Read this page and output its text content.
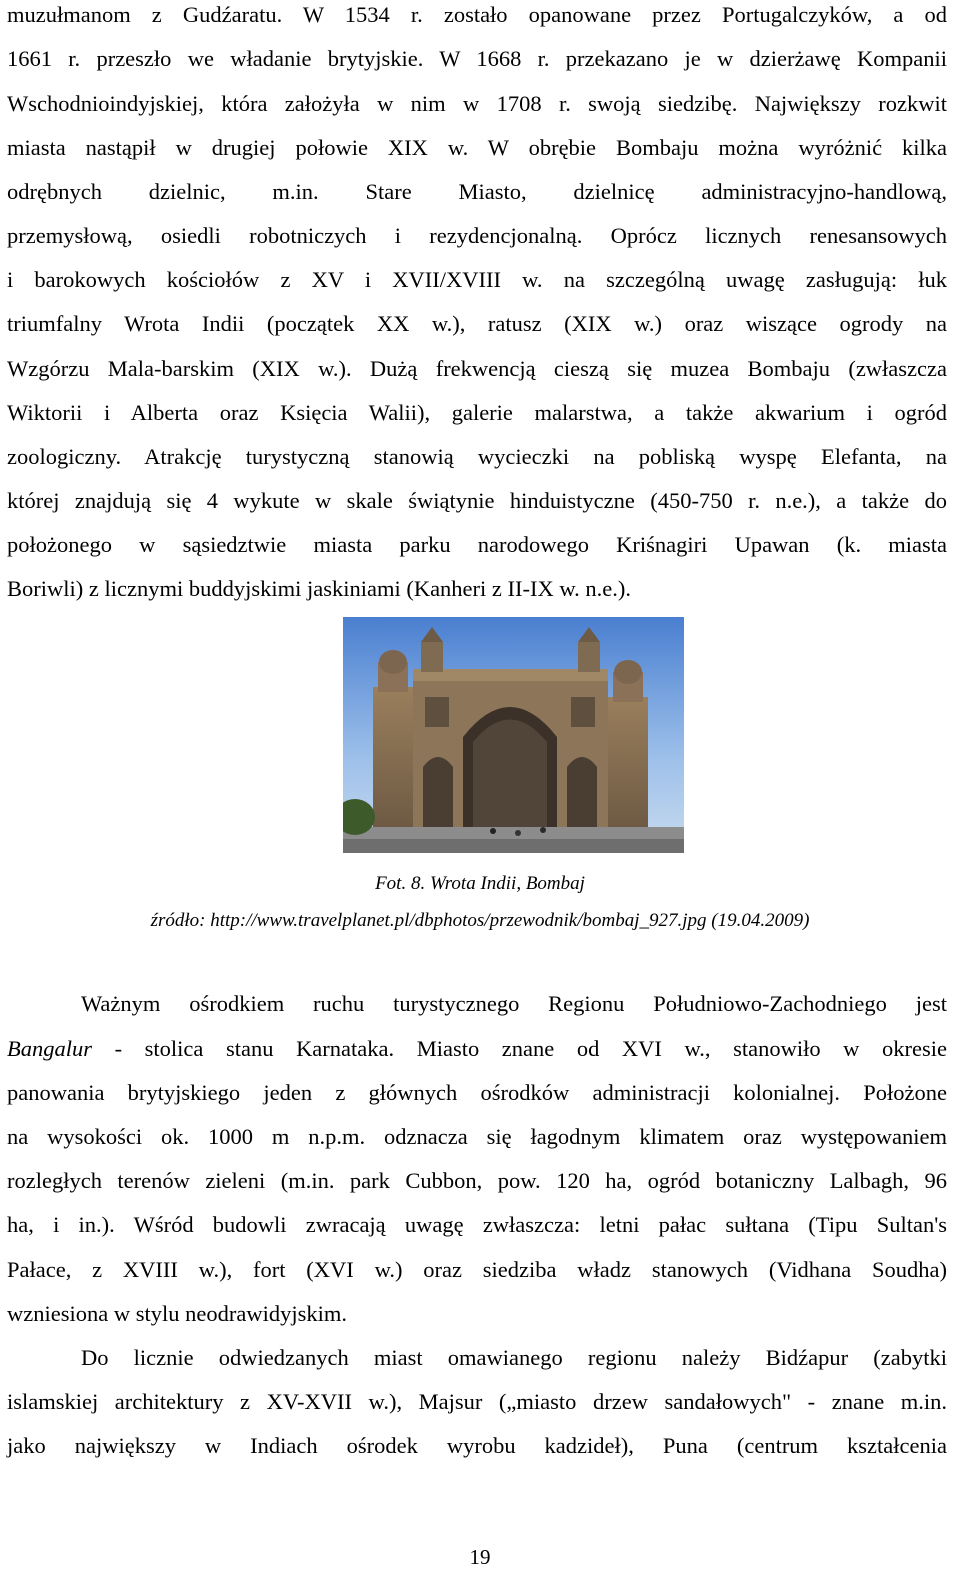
muzułmanom z Gudźaratu. W 1534 r. zostało opanowane przez Portugalczyków, a od
1661 r. przeszło we władanie brytyjskie. W 1668 r. przekazano je w dzierżawę Kompanii
Wschodnioindyjskiej, która założyła w nim w 1708 r. swoją siedzibę. Największy rozkwit
miasta nastąpił w drugiej połowie XIX w. W obrębie Bombaju można wyróżnić kilka
odrębnych dzielnic, m.in. Stare Miasto, dzielnicę administracyjno-handlową,
przemysłową, osiedli robotniczych i rezydencjonalną. Oprócz licznych renesansowych
i barokowych kościołów z XV i XVII/XVIII w. na szczególną uwagę zasługują: łuk
triumfalny Wrota Indii (początek XX w.), ratusz (XIX w.) oraz wiszące ogrody na
Wzgórzu Mala-barskim (XIX w.). Dużą frekwencją cieszą się muzea Bombaju (zwłaszcza
Wiktorii i Alberta oraz Księcia Walii), galerie malarstwa, a także akwarium i ogród
zoologiczny. Atrakcję turystyczną stanowią wycieczki na pobliską wyspę Elefanta, na
której znajdują się 4 wykute w skale świątynie hinduistyczne (450-750 r. n.e.), a także do
położonego w sąsiedztwie miasta parku narodowego Kriśnagiri Upawan (k. miasta
Boriwli) z licznymi buddyjskimi jaskiniami (Kanheri z II-IX w. n.e.).
Fot. 8. Wrota Indii, Bombaj
źródło: http://www.travelplanet.pl/dbphotos/przewodnik/bombaj_927.jpg (19.04.2009)
Ważnym ośrodkiem ruchu turystycznego Regionu Południowo-Zachodniego jest
Bangalur - stolica stanu Karnataka. Miasto znane od XVI w., stanowiło w okresie
panowania brytyjskiego jeden z głównych ośrodków administracji kolonialnej. Położone
na wysokości ok. 1000 m n.p.m. odznacza się łagodnym klimatem oraz występowaniem
rozległych terenów zieleni (m.in. park Cubbon, pow. 120 ha, ogród botaniczny Lalbagh, 96
ha, i in.). Wśród budowli zwracają uwagę zwłaszcza: letni pałac sułtana (Tipu Sultan's
Pałace, z XVIII w.), fort (XVI w.) oraz siedziba władz stanowych (Vidhana Soudha)
wzniesiona w stylu neodrawidyjskim.
Do licznie odwiedzanych miast omawianego regionu należy Bidźapur (zabytki
islamskiej architektury z XV-XVII w.), Majsur („miasto drzew sandałowych" - znane m.in.
jako największy w Indiach ośrodek wyrobu kadzideł), Puna (centrum kształcenia
19
